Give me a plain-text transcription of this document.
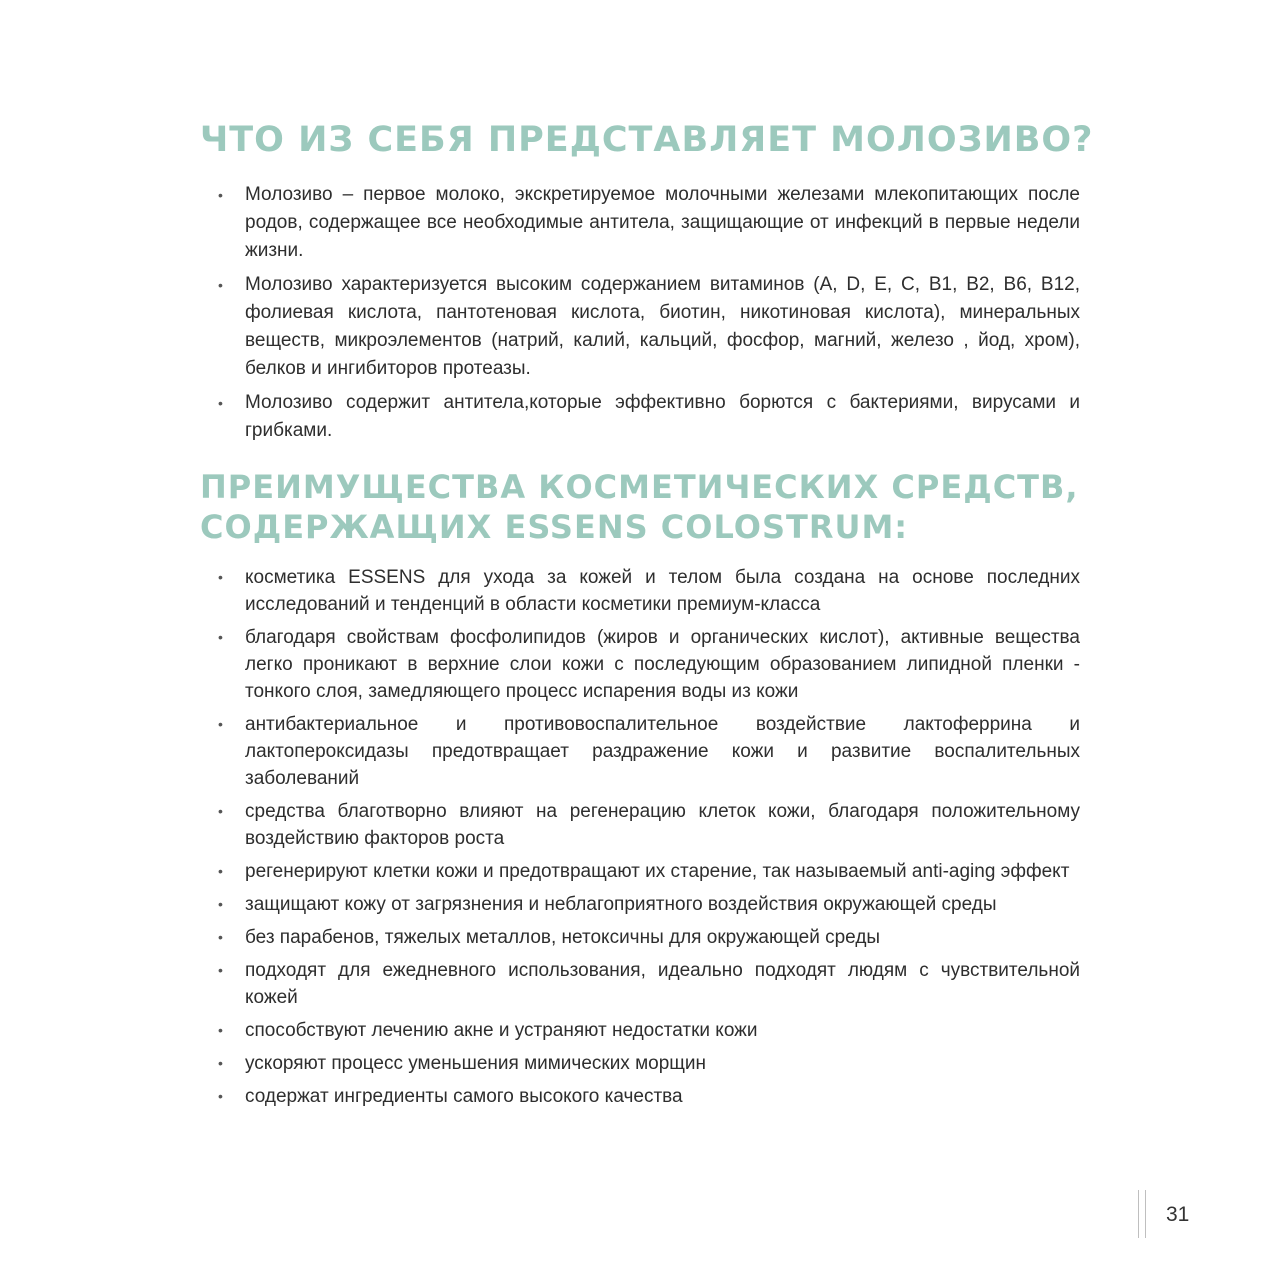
ЧТО ИЗ СЕБЯ ПРЕДСТАВЛЯЕТ МОЛОЗИВО?
• Молозиво – первое молоко, экскретируемое молочными железами млекопитающих после родов, содержащее все необходимые антитела, защищающие от инфекций в первые недели жизни.
• Молозиво характеризуется высоким содержанием витаминов (A, D, E, C, B1, B2, B6, B12, фолиевая кислота, пантотеновая кислота, биотин, никотиновая кислота), минеральных веществ, микроэлементов (натрий, калий, кальций, фосфор, магний, железо , йод, хром), белков и ингибиторов протеазы.
• Молозиво содержит антитела,которые эффективно борются с бактериями, вирусами и грибками.
ПРЕИМУЩЕСТВА КОСМЕТИЧЕСКИХ СРЕДСТВ,
СОДЕРЖАЩИХ ESSENS COLOSTRUM:
• косметика ESSENS для ухода за кожей и телом была создана на основе последних исследований и тенденций в области косметики премиум-класса
• благодаря свойствам фосфолипидов (жиров и органических кислот), активные вещества легко проникают в верхние слои кожи с последующим образованием липидной пленки - тонкого слоя, замедляющего процесс испарения воды из кожи
• антибактериальное и противовоспалительное воздействие лактоферрина и лактопероксидазы предотвращает раздражение кожи и развитие воспалительных заболеваний
• средства благотворно влияют на регенерацию клеток кожи, благодаря положительному воздействию факторов роста
• регенерируют клетки кожи и предотвращают их старение, так называемый anti-aging эффект
• защищают кожу от загрязнения и неблагоприятного воздействия окружающей среды
• без парабенов, тяжелых металлов, нетоксичны для окружающей среды
• подходят для ежедневного использования, идеально подходят людям с чувствительной кожей
• способствуют лечению акне и устраняют недостатки кожи
• ускоряют процесс уменьшения мимических морщин
• содержат ингредиенты самого высокого качества
31
